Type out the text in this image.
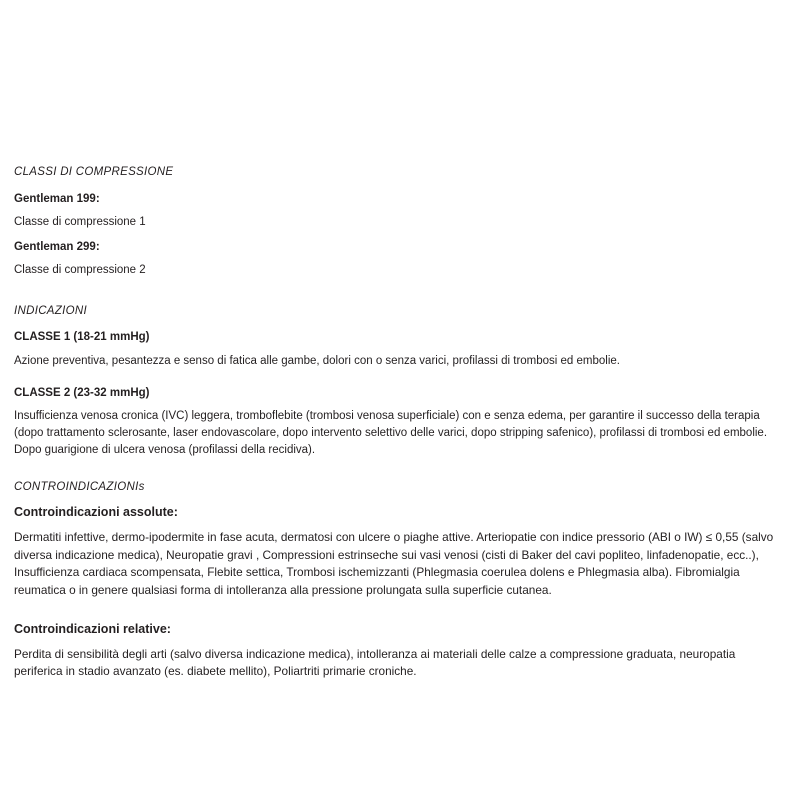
CLASSI DI COMPRESSIONE
Gentleman 199:
Classe di compressione 1
Gentleman 299:
Classe di compressione 2
INDICAZIONI
CLASSE 1 (18-21 mmHg)
Azione preventiva, pesantezza e senso di fatica alle gambe, dolori con o senza varici, profilassi di trombosi ed embolie.
CLASSE 2 (23-32 mmHg)
Insufficienza venosa cronica (IVC) leggera, tromboflebite (trombosi venosa superficiale) con e senza edema, per garantire il successo della terapia (dopo trattamento sclerosante, laser endovascolare, dopo intervento selettivo delle varici, dopo stripping safenico), profilassi di trombosi ed embolie. Dopo guarigione di ulcera venosa (profilassi della recidiva).
CONTROINDICAZIONIs
Controindicazioni assolute:
Dermatiti infettive, dermo-ipodermite in fase acuta, dermatosi con ulcere o piaghe attive. Arteriopatie con indice pressorio (ABI o IW) ≤ 0,55 (salvo diversa indicazione medica), Neuropatie gravi , Compressioni estrinseche sui vasi venosi (cisti di Baker del cavi popliteo, linfadenopatie, ecc..), Insufficienza cardiaca scompensata, Flebite settica, Trombosi ischemizzanti (Phlegmasia coerulea dolens e Phlegmasia alba). Fibromialgia reumatica o in genere qualsiasi forma di intolleranza alla pressione prolungata sulla superficie cutanea.
Controindicazioni relative:
Perdita di sensibilità degli arti (salvo diversa indicazione medica), intolleranza ai materiali delle calze a compressione graduata, neuropatia periferica in stadio avanzato (es. diabete mellito), Poliartriti primarie croniche.
